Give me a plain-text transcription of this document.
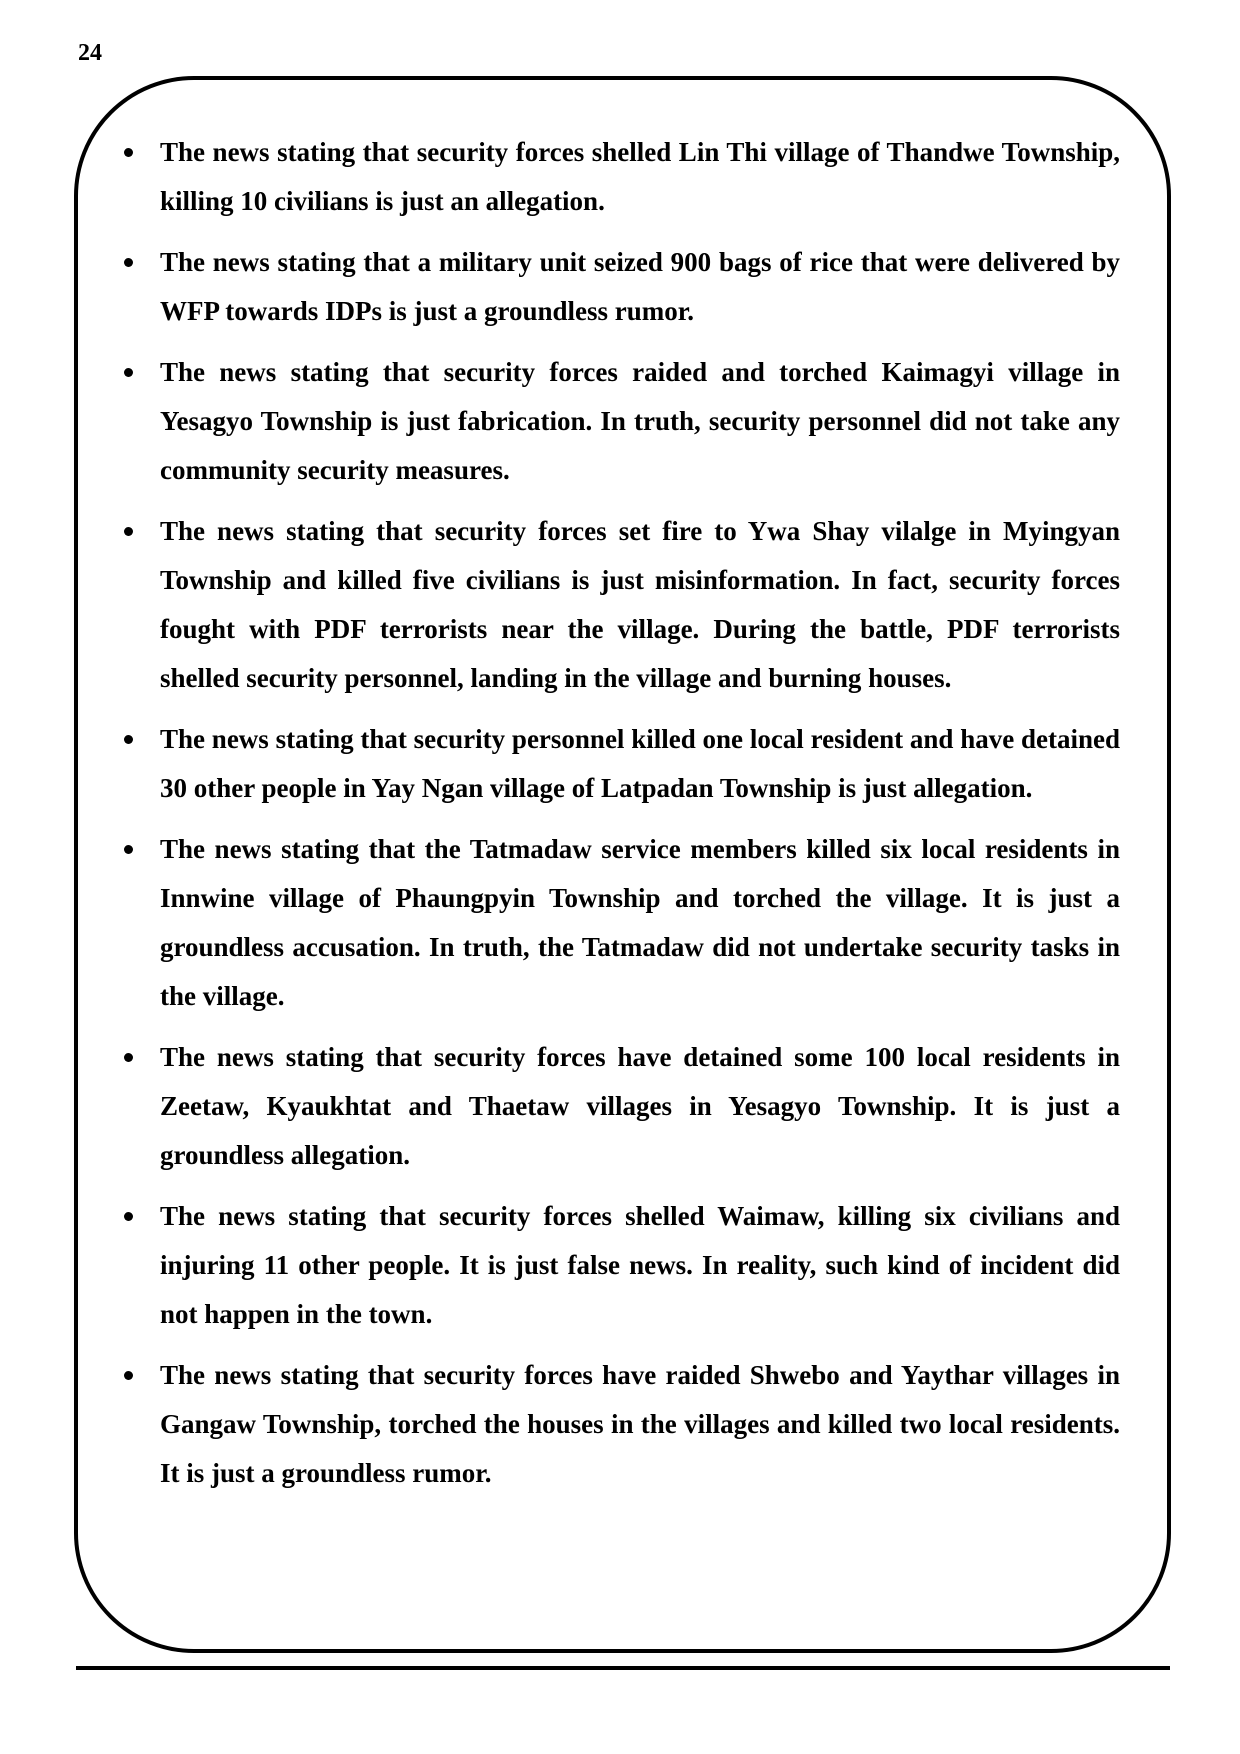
24
The news stating that security forces shelled Lin Thi village of Thandwe Township, killing 10 civilians is just an allegation.
The news stating that a military unit seized 900 bags of rice that were delivered by WFP towards IDPs is just a groundless rumor.
The news stating that security forces raided and torched Kaimagyi village in Yesagyo Township is just fabrication. In truth, security personnel did not take any community security measures.
The news stating that security forces set fire to Ywa Shay vilalge in Myingyan Township and killed five civilians is just misinformation. In fact, security forces fought with PDF terrorists near the village. During the battle, PDF terrorists shelled security personnel, landing in the village and burning houses.
The news stating that security personnel killed one local resident and have detained 30 other people in Yay Ngan village of Latpadan Township is just allegation.
The news stating that the Tatmadaw service members killed six local residents in Innwine village of Phaungpyin Township and torched the village. It is just a groundless accusation. In truth, the Tatmadaw did not undertake security tasks in the village.
The news stating that security forces have detained some 100 local residents in Zeetaw, Kyaukhtat and Thaetaw villages in Yesagyo Township. It is just a groundless allegation.
The news stating that security forces shelled Waimaw, killing six civilians and injuring 11 other people. It is just false news. In reality, such kind of incident did not happen in the town.
The news stating that security forces have raided Shwebo and Yaythar villages in Gangaw Township, torched the houses in the villages and killed two local residents. It is just a groundless rumor.
